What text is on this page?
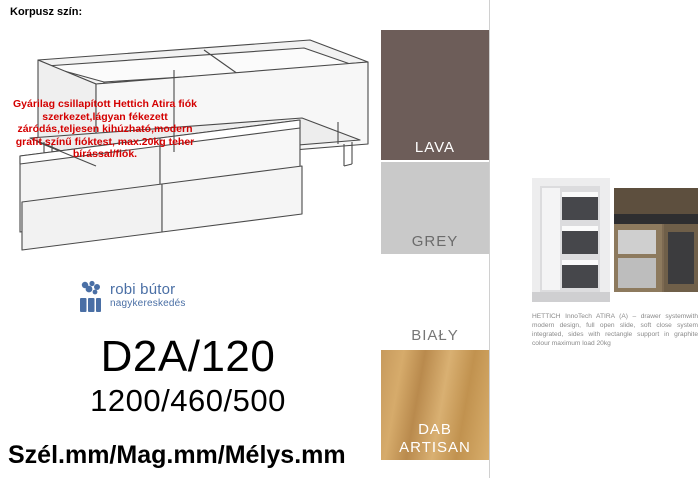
robi bútor
nagykereskedés
D2A/120
1200/460/500
Szél.mm/Mag.mm/Mélys.mm
Korpusz szín:
LAVA
GREY
BIAŁY
DAB
ARTISAN
Gyárilag csillapított Hettich Atira fiók szerkezet,lágyan fékezett záródás,teljesen kihúzható,modern grafit színű fióktest, max.20kg teher bírással/fiók.
HETTICH InnoTech ATIRA (A) – drawer systemwith modern design, full open slide, soft close system integrated, sides with rectangle support in graphite colour maximum load 20kg
